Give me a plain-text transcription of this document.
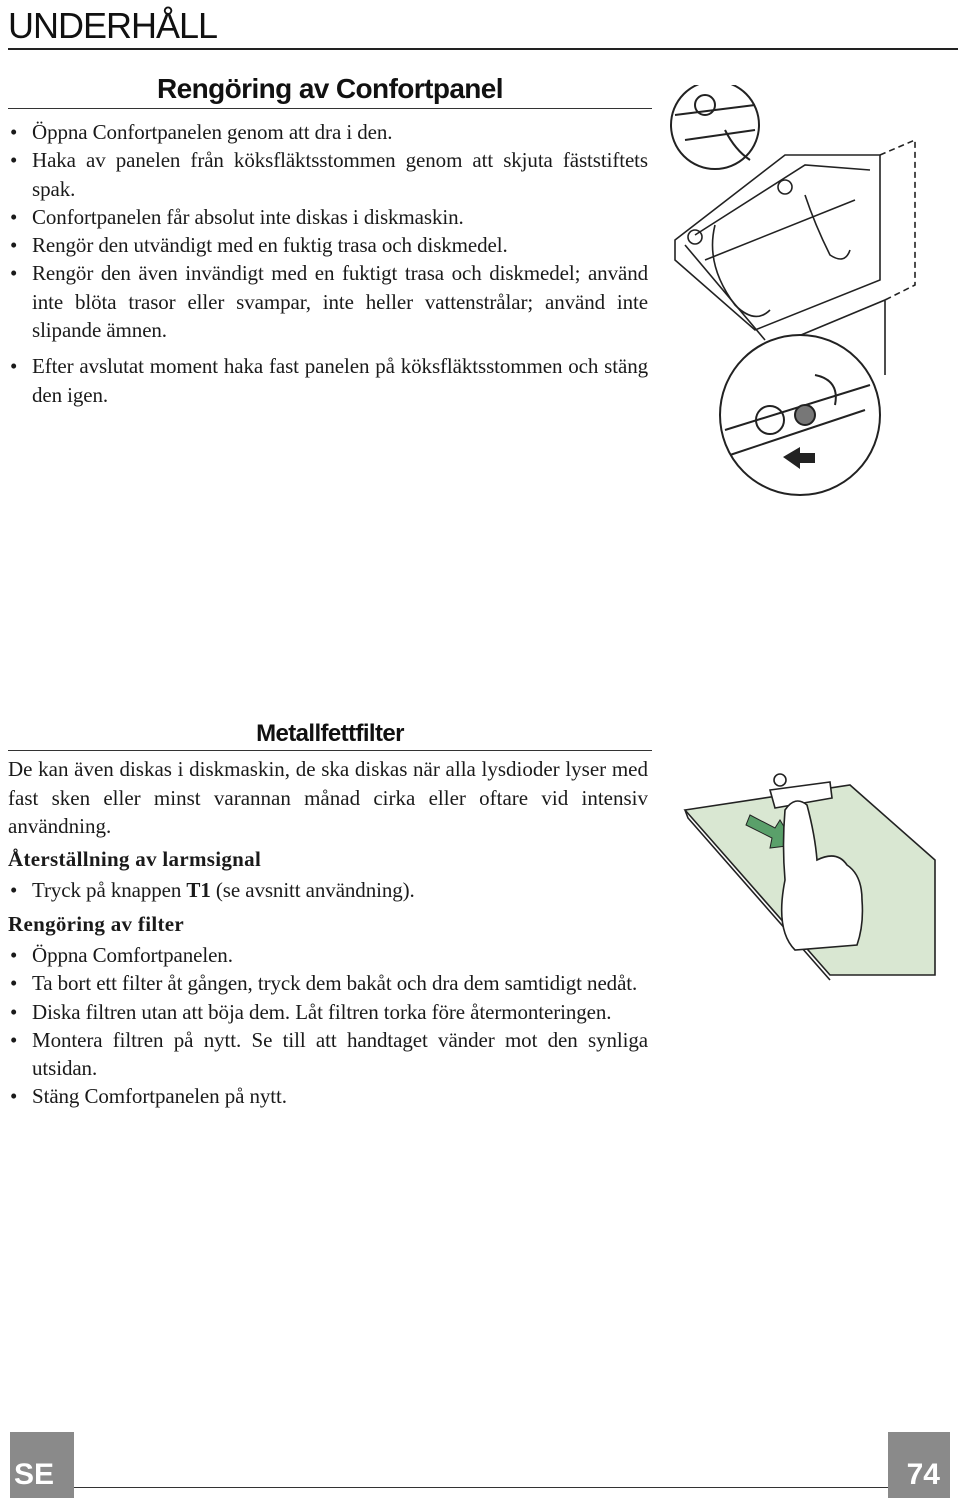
UNDERHÅLL
Rengöring av Confortpanel
• Öppna Confortpanelen genom att dra i den.
• Haka av panelen från köksfläktsstommen genom att skjuta fäststiftets spak.
• Confortpanelen får absolut inte diskas i diskmaskin.
• Rengör den utvändigt med en fuktig trasa och diskmedel.
• Rengör den även invändigt med en fuktigt trasa och diskmedel; använd inte blöta trasor eller svampar, inte heller vattenstrålar; använd inte slipande ämnen.
• Efter avslutat moment haka fast panelen på köksfläktsstommen och stäng den igen.
Metallfettfilter

De kan även diskas i diskmaskin, de ska diskas när alla lysdioder lyser med fast sken eller minst varannan månad cirka eller oftare vid intensiv användning.

Återställning av larmsignal

• Tryck på knappen T1 (se avsnitt användning).

Rengöring av filter

• Öppna Comfortpanelen.
• Ta bort ett filter åt gången, tryck dem bakåt och dra dem samtidigt nedåt.
• Diska filtren utan att böja dem. Låt filtren torka före återmonteringen.
• Montera filtren på nytt. Se till att handtaget vänder mot den synliga utsidan.
• Stäng Comfortpanelen på nytt.
SE	74
